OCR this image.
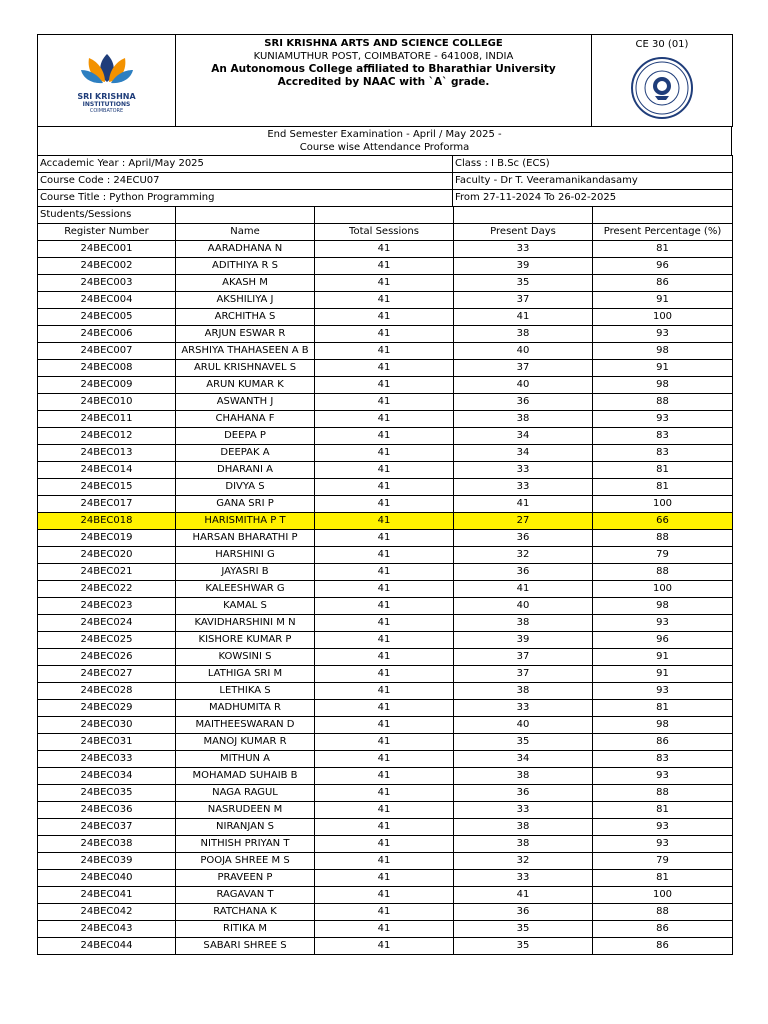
SRI KRISHNA
INSTITUTIONS
COIMBATORE

SRI KRISHNA ARTS AND SCIENCE COLLEGE
KUNIAMUTHUR POST, COIMBATORE - 641008, INDIA
An Autonomous College affiliated to Bharathiar University
Accredited by NAAC with `A` grade.

CE 30 (01)
End Semester Examination - April / May 2025 -
Course wise Attendance Proforma
Accademic Year : April/May 2025	Class : I B.Sc (ECS)
Course Code : 24ECU07	Faculty - Dr T. Veeramanikandasamy
Course Title : Python Programming	From 27-11-2024 To 26-02-2025
Students/Sessions				
Register Number	Name	Total Sessions	Present Days	Present Percentage (%)
24BEC001	AARADHANA N	41	33	81
24BEC002	ADITHIYA R S	41	39	96
24BEC003	AKASH M	41	35	86
24BEC004	AKSHILIYA J	41	37	91
24BEC005	ARCHITHA S	41	41	100
24BEC006	ARJUN ESWAR R	41	38	93
24BEC007	ARSHIYA THAHASEEN A B	41	40	98
24BEC008	ARUL KRISHNAVEL S	41	37	91
24BEC009	ARUN KUMAR K	41	40	98
24BEC010	ASWANTH J	41	36	88
24BEC011	CHAHANA F	41	38	93
24BEC012	DEEPA P	41	34	83
24BEC013	DEEPAK A	41	34	83
24BEC014	DHARANI A	41	33	81
24BEC015	DIVYA S	41	33	81
24BEC017	GANA SRI P	41	41	100
24BEC018	HARISMITHA P T	41	27	66
24BEC019	HARSAN BHARATHI P	41	36	88
24BEC020	HARSHINI G	41	32	79
24BEC021	JAYASRI B	41	36	88
24BEC022	KALEESHWAR G	41	41	100
24BEC023	KAMAL S	41	40	98
24BEC024	KAVIDHARSHINI M N	41	38	93
24BEC025	KISHORE KUMAR P	41	39	96
24BEC026	KOWSINI S	41	37	91
24BEC027	LATHIGA SRI M	41	37	91
24BEC028	LETHIKA S	41	38	93
24BEC029	MADHUMITA R	41	33	81
24BEC030	MAITHEESWARAN D	41	40	98
24BEC031	MANOJ KUMAR R	41	35	86
24BEC033	MITHUN A	41	34	83
24BEC034	MOHAMAD SUHAIB B	41	38	93
24BEC035	NAGA RAGUL	41	36	88
24BEC036	NASRUDEEN M	41	33	81
24BEC037	NIRANJAN S	41	38	93
24BEC038	NITHISH PRIYAN T	41	38	93
24BEC039	POOJA SHREE M S	41	32	79
24BEC040	PRAVEEN P	41	33	81
24BEC041	RAGAVAN T	41	41	100
24BEC042	RATCHANA K	41	36	88
24BEC043	RITIKA M	41	35	86
24BEC044	SABARI SHREE S	41	35	86
